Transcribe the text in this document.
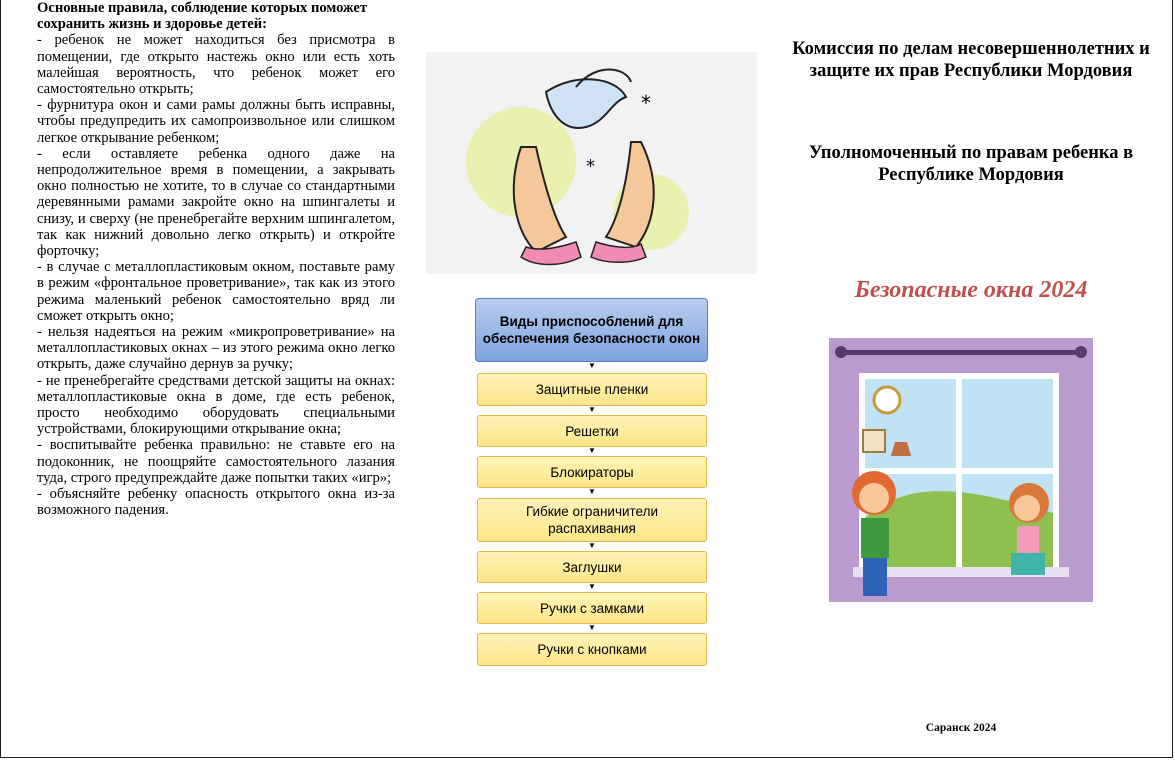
Основные правила, соблюдение которых поможет сохранить жизнь и здоровье детей:

- ребенок не может находиться без присмотра в помещении, где открыто настежь окно или есть хоть малейшая вероятность, что ребенок может его самостоятельно открыть;

- фурнитура окон и сами рамы должны быть исправны, чтобы предупредить их самопроизвольное или слишком легкое открывание ребенком;

- если оставляете ребенка одного даже на непродолжительное время в помещении, а закрывать окно полностью не хотите, то в случае со стандартными деревянными рамами закройте окно на шпингалеты и снизу, и сверху (не пренебрегайте верхним шпингалетом, так как нижний довольно легко открыть) и откройте форточку;

- в случае с металлопластиковым окном, поставьте раму в режим «фронтальное проветривание», так как из этого режима маленький ребенок самостоятельно вряд ли сможет открыть окно;

- нельзя надеяться на режим «микропроветривание» на металлопластиковых окнах – из этого режима окно легко открыть, даже случайно дернув за ручку;

- не пренебрегайте средствами детской защиты на окнах: металлопластиковые окна в доме, где есть ребенок, просто необходимо оборудовать специальными устройствами, блокирующими открывание окна;

- воспитывайте ребенка правильно: не ставьте его на подоконник, не поощряйте самостоятельного лазания туда, строго предупреждайте даже попытки таких «игр»;

- объясняйте ребенку опасность открытого окна из-за возможного падения.

*
*
Виды приспособлений для обеспечения безопасности окон
▼
Защитные пленки
▼
Решетки
▼
Блокираторы
▼
Гибкие ограничители распахивания
▼
Заглушки
▼
Ручки с замками
▼
Ручки с кнопками
Комиссия по делам несовершеннолетних и защите их прав Республики Мордовия
Уполномоченный по правам ребенка в Республике Мордовия
Безопасные окна 2024
Саранск 2024
